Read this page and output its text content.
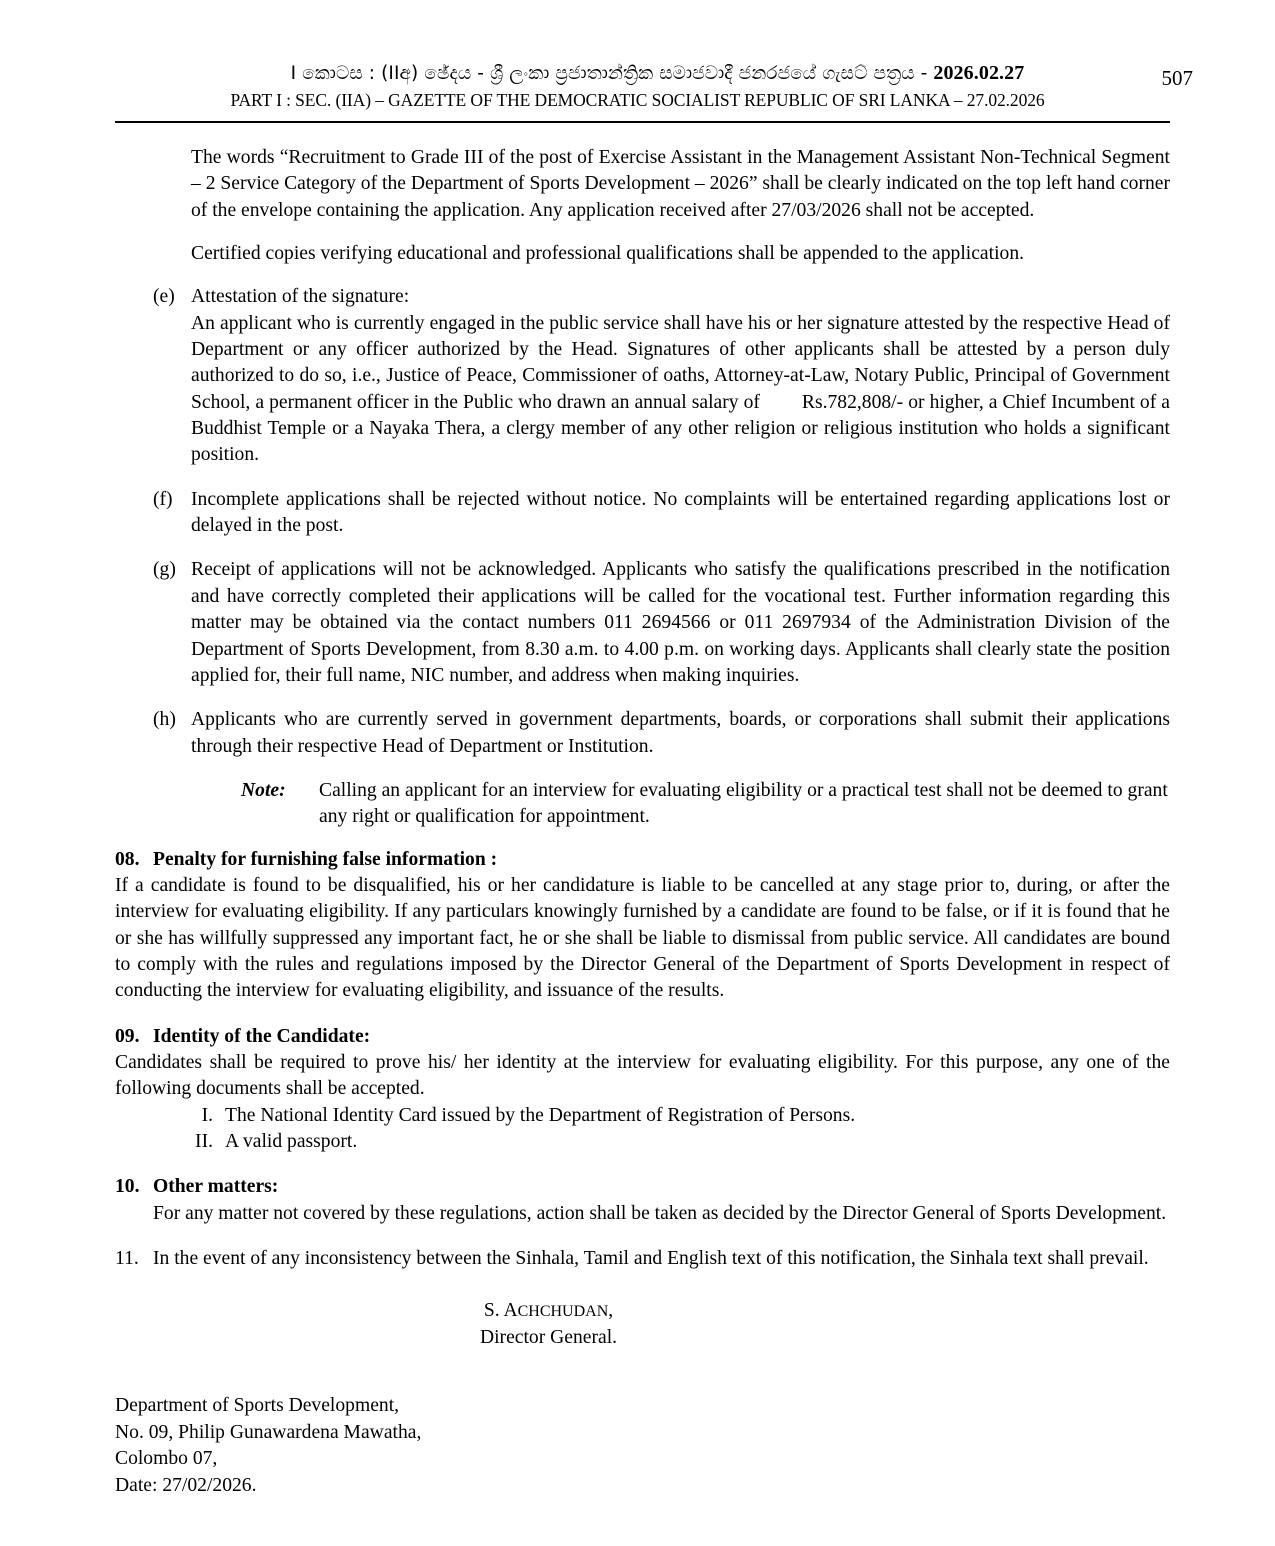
I කොටස : (IIඅ) ඡේදය - ශ්‍රී ලංකා ප්‍රජාතාන්ත්‍රික සමාජවාදී ජනරජයේ ගැසට් පත්‍රය - 2026.02.27	507
PART I : SEC. (IIA) – GAZETTE OF THE DEMOCRATIC SOCIALIST REPUBLIC OF SRI LANKA – 27.02.2026

The words “Recruitment to Grade III of the post of Exercise Assistant in the Management Assistant Non-Technical Segment – 2 Service Category of the Department of Sports Development – 2026” shall be clearly indicated on the top left hand corner of the envelope containing the application. Any application received after 27/03/2026 shall not be accepted.

Certified copies verifying educational and professional qualifications shall be appended to the application.

(e) Attestation of the signature:

An applicant who is currently engaged in the public service shall have his or her signature attested by the respective Head of Department or any officer authorized by the Head. Signatures of other applicants shall be attested by a person duly authorized to do so, i.e., Justice of Peace, Commissioner of oaths, Attorney-at-Law, Notary Public, Principal of Government School, a permanent officer in the Public who drawn an annual salary of Rs.782,808/- or higher, a Chief Incumbent of a Buddhist Temple or a Nayaka Thera, a clergy member of any other religion or religious institution who holds a significant position.

(f) Incomplete applications shall be rejected without notice. No complaints will be entertained regarding applications lost or delayed in the post.

(g) Receipt of applications will not be acknowledged. Applicants who satisfy the qualifications prescribed in the notification and have correctly completed their applications will be called for the vocational test. Further information regarding this matter may be obtained via the contact numbers 011 2694566 or 011 2697934 of the Administration Division of the Department of Sports Development, from 8.30 a.m. to 4.00 p.m. on working days. Applicants shall clearly state the position applied for, their full name, NIC number, and address when making inquiries.

(h) Applicants who are currently served in government departments, boards, or corporations shall submit their applications through their respective Head of Department or Institution.

Note: Calling an applicant for an interview for evaluating eligibility or a practical test shall not be deemed to grant any right or qualification for appointment.

08. Penalty for furnishing false information :

If a candidate is found to be disqualified, his or her candidature is liable to be cancelled at any stage prior to, during, or after the interview for evaluating eligibility. If any particulars knowingly furnished by a candidate are found to be false, or if it is found that he or she has willfully suppressed any important fact, he or she shall be liable to dismissal from public service. All candidates are bound to comply with the rules and regulations imposed by the Director General of the Department of Sports Development in respect of conducting the interview for evaluating eligibility, and issuance of the results.

09. Identity of the Candidate:

Candidates shall be required to prove his/ her identity at the interview for evaluating eligibility. For this purpose, any one of the following documents shall be accepted.

I. The National Identity Card issued by the Department of Registration of Persons.
II. A valid passport.
10. Other matters:

For any matter not covered by these regulations, action shall be taken as decided by the Director General of Sports Development.

11. In the event of any inconsistency between the Sinhala, Tamil and English text of this notification, the Sinhala text shall prevail.

S. ACHCHUDAN,
Director General.
Department of Sports Development,
No. 09, Philip Gunawardena Mawatha,
Colombo 07,
Date: 27/02/2026.
